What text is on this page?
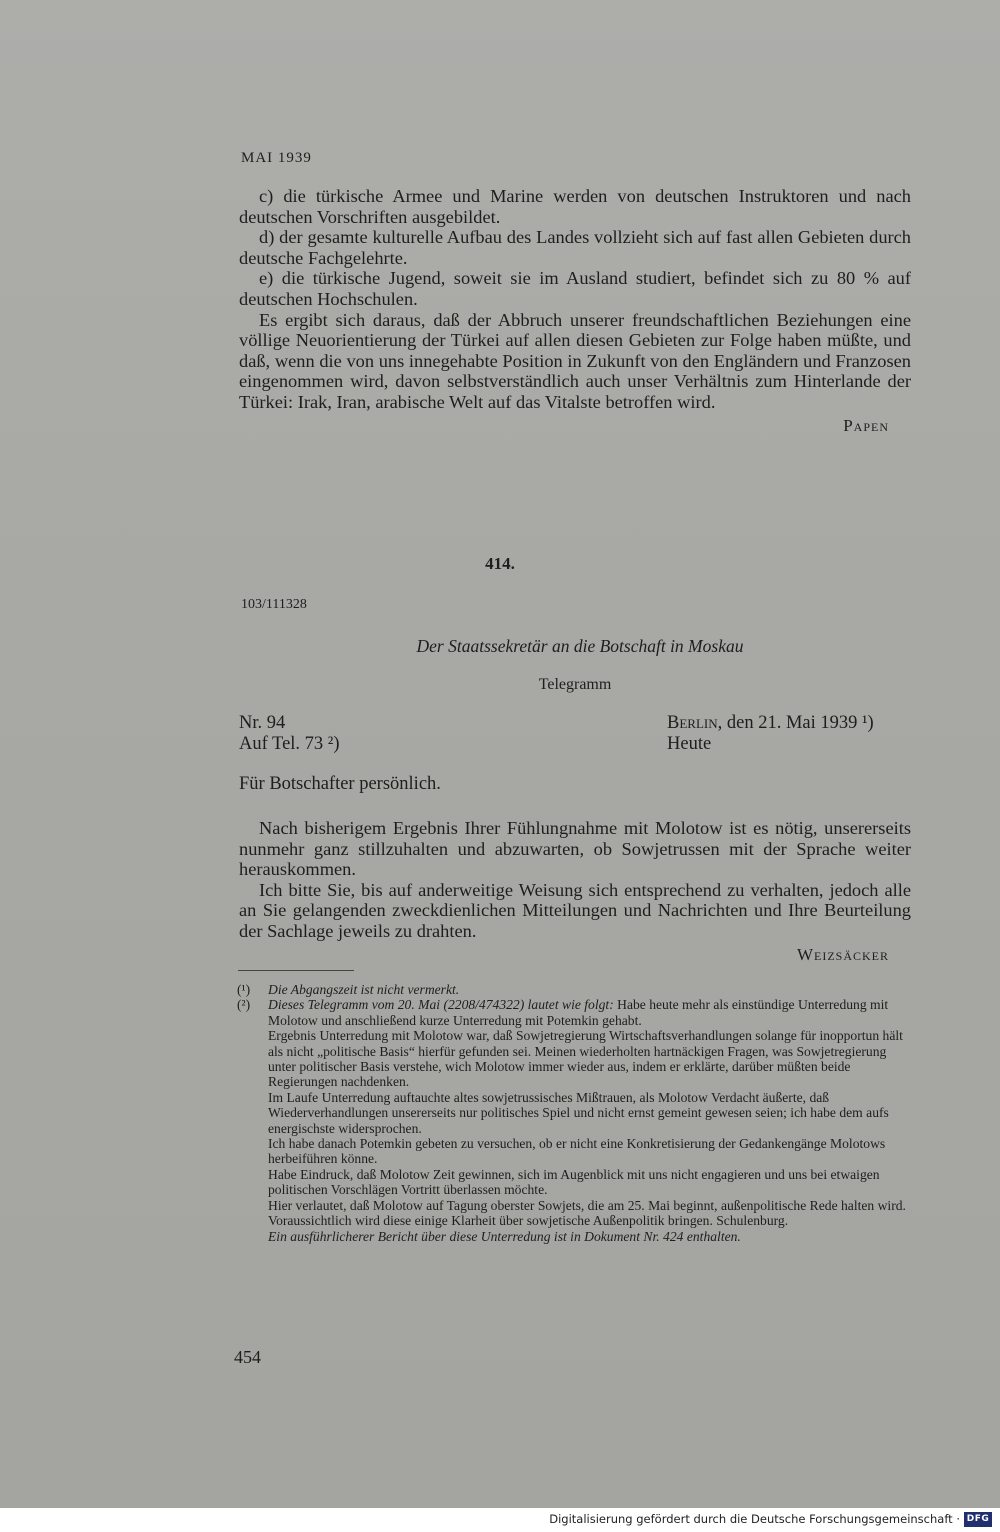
MAI 1939

c) die türkische Armee und Marine werden von deutschen Instruktoren und nach deutschen Vorschriften ausgebildet.

d) der gesamte kulturelle Aufbau des Landes vollzieht sich auf fast allen Gebieten durch deutsche Fachgelehrte.

e) die türkische Jugend, soweit sie im Ausland studiert, befindet sich zu 80 % auf deutschen Hochschulen.

Es ergibt sich daraus, daß der Abbruch unserer freundschaftlichen Beziehungen eine völlige Neuorientierung der Türkei auf allen diesen Gebieten zur Folge haben müßte, und daß, wenn die von uns innegehabte Position in Zukunft von den Engländern und Franzosen eingenommen wird, davon selbstverständlich auch unser Verhältnis zum Hinterlande der Türkei: Irak, Iran, arabische Welt auf das Vitalste betroffen wird.

Papen
414.
103/111328
Der Staatssekretär an die Botschaft in Moskau
Telegramm
Nr. 94
Auf Tel. 73 ²)
Berlin, den 21. Mai 1939 ¹)
Heute
Für Botschafter persönlich.

Nach bisherigem Ergebnis Ihrer Fühlungnahme mit Molotow ist es nötig, unsererseits nunmehr ganz stillzuhalten und abzuwarten, ob Sowjetrussen mit der Sprache weiter herauskommen.

Ich bitte Sie, bis auf anderweitige Weisung sich entsprechend zu verhalten, jedoch alle an Sie gelangenden zweckdienlichen Mitteilungen und Nachrichten und Ihre Beurteilung der Sachlage jeweils zu drahten.

Weizsäcker
(¹) Die Abgangszeit ist nicht vermerkt.
(²) Dieses Telegramm vom 20. Mai (2208/474322) lautet wie folgt: Habe heute mehr als einstündige Unterredung mit Molotow und anschließend kurze Unterredung mit Potemkin gehabt.

Ergebnis Unterredung mit Molotow war, daß Sowjetregierung Wirtschaftsverhandlungen solange für inopportun hält als nicht „politische Basis“ hierfür gefunden sei. Meinen wiederholten hartnäckigen Fragen, was Sowjetregierung unter politischer Basis verstehe, wich Molotow immer wieder aus, indem er erklärte, darüber müßten beide Regierungen nachdenken.

Im Laufe Unterredung auftauchte altes sowjetrussisches Mißtrauen, als Molotow Verdacht äußerte, daß Wiederverhandlungen unsererseits nur politisches Spiel und nicht ernst gemeint gewesen seien; ich habe dem aufs energischste widersprochen.

Ich habe danach Potemkin gebeten zu versuchen, ob er nicht eine Konkretisierung der Gedankengänge Molotows herbeiführen könne.

Habe Eindruck, daß Molotow Zeit gewinnen, sich im Augenblick mit uns nicht engagieren und uns bei etwaigen politischen Vorschlägen Vortritt überlassen möchte.

Hier verlautet, daß Molotow auf Tagung oberster Sowjets, die am 25. Mai beginnt, außenpolitische Rede halten wird. Voraussichtlich wird diese einige Klarheit über sowjetische Außenpolitik bringen. Schulenburg.

Ein ausführlicherer Bericht über diese Unterredung ist in Dokument Nr. 424 enthalten.

454
Digitalisierung gefördert durch die Deutsche Forschungsgemeinschaft · DFG
